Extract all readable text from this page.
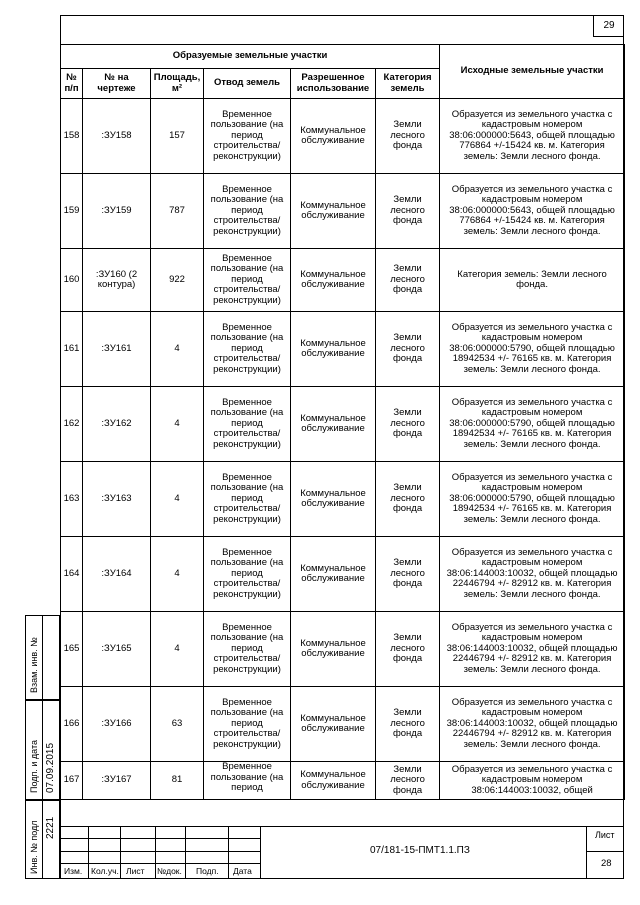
29
Образуемые земельные участки						Исходные земельные участки
№ п/п	№ на чертеже	Площадь, м²	Отвод земель	Разрешенное использование	Категория земель	
158	:ЗУ158	157	Временное пользование (на период строительства/ реконструкции)	Коммунальное обслуживание	Земли лесного фонда	Образуется из земельного участка с кадастровым номером 38:06:000000:5643, общей площадью 776864 +/-15424 кв. м. Категория земель: Земли лесного фонда.
159	:ЗУ159	787	Временное пользование (на период строительства/ реконструкции)	Коммунальное обслуживание	Земли лесного фонда	Образуется из земельного участка с кадастровым номером 38:06:000000:5643, общей площадью 776864 +/-15424 кв. м. Категория земель: Земли лесного фонда.
160	:ЗУ160 (2 контура)	922	Временное пользование (на период строительства/ реконструкции)	Коммунальное обслуживание	Земли лесного фонда	Категория земель: Земли лесного фонда.
161	:ЗУ161	4	Временное пользование (на период строительства/ реконструкции)	Коммунальное обслуживание	Земли лесного фонда	Образуется из земельного участка с кадастровым номером 38:06:000000:5790, общей площадью 18942534 +/- 76165 кв. м. Категория земель: Земли лесного фонда.
162	:ЗУ162	4	Временное пользование (на период строительства/ реконструкции)	Коммунальное обслуживание	Земли лесного фонда	Образуется из земельного участка с кадастровым номером 38:06:000000:5790, общей площадью 18942534 +/- 76165 кв. м. Категория земель: Земли лесного фонда.
163	:ЗУ163	4	Временное пользование (на период строительства/ реконструкции)	Коммунальное обслуживание	Земли лесного фонда	Образуется из земельного участка с кадастровым номером 38:06:000000:5790, общей площадью 18942534 +/- 76165 кв. м. Категория земель: Земли лесного фонда.
164	:ЗУ164	4	Временное пользование (на период строительства/ реконструкции)	Коммунальное обслуживание	Земли лесного фонда	Образуется из земельного участка с кадастровым номером 38:06:144003:10032, общей площадью 22446794 +/- 82912 кв. м. Категория земель: Земли лесного фонда.
165	:ЗУ165	4	Временное пользование (на период строительства/ реконструкции)	Коммунальное обслуживание	Земли лесного фонда	Образуется из земельного участка с кадастровым номером 38:06:144003:10032, общей площадью 22446794 +/- 82912 кв. м. Категория земель: Земли лесного фонда.
166	:ЗУ166	63	Временное пользование (на период строительства/ реконструкции)	Коммунальное обслуживание	Земли лесного фонда	Образуется из земельного участка с кадастровым номером 38:06:144003:10032, общей площадью 22446794 +/- 82912 кв. м. Категория земель: Земли лесного фонда.
167	:ЗУ167	81	Временное пользование (на период	Коммунальное обслуживание	Земли лесного фонда	Образуется из земельного участка с кадастровым номером 38:06:144003:10032, общей
Взам. инв. №
Подп. и дата 07.09.2015
Инв. № подл 2221
Изм. Кол.уч. Лист №док. Подп. Дата
07/181-15-ПМТ1.1.ПЗ
Лист
28
